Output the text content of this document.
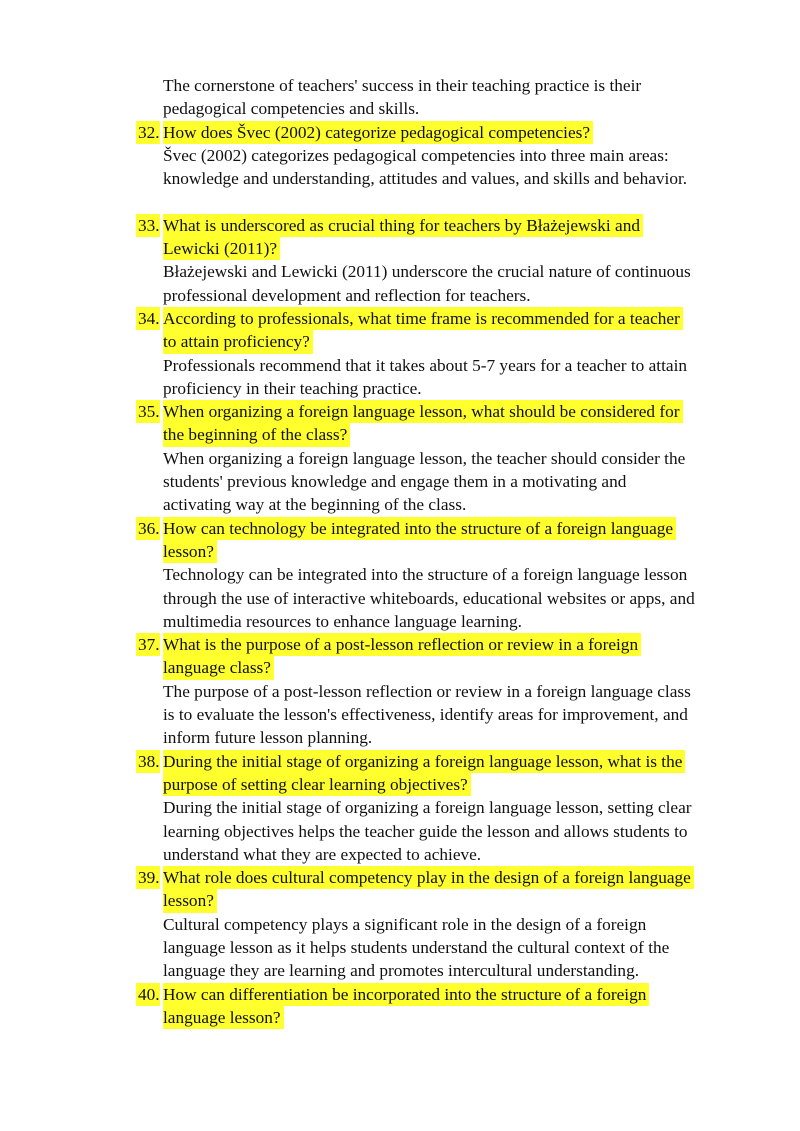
The cornerstone of teachers' success in their teaching practice is their
pedagogical competencies and skills.
32. How does Švec (2002) categorize pedagogical competencies?
Švec (2002) categorizes pedagogical competencies into three main areas:
knowledge and understanding, attitudes and values, and skills and behavior.
33. What is underscored as crucial thing for teachers by Błażejewski and
Lewicki (2011)?
Błażejewski and Lewicki (2011) underscore the crucial nature of continuous
professional development and reflection for teachers.
34. According to professionals, what time frame is recommended for a teacher
to attain proficiency?
Professionals recommend that it takes about 5-7 years for a teacher to attain
proficiency in their teaching practice.
35. When organizing a foreign language lesson, what should be considered for
the beginning of the class?
When organizing a foreign language lesson, the teacher should consider the
students' previous knowledge and engage them in a motivating and
activating way at the beginning of the class.
36. How can technology be integrated into the structure of a foreign language
lesson?
Technology can be integrated into the structure of a foreign language lesson
through the use of interactive whiteboards, educational websites or apps, and
multimedia resources to enhance language learning.
37. What is the purpose of a post-lesson reflection or review in a foreign
language class?
The purpose of a post-lesson reflection or review in a foreign language class
is to evaluate the lesson's effectiveness, identify areas for improvement, and
inform future lesson planning.
38. During the initial stage of organizing a foreign language lesson, what is the
purpose of setting clear learning objectives?
During the initial stage of organizing a foreign language lesson, setting clear
learning objectives helps the teacher guide the lesson and allows students to
understand what they are expected to achieve.
39. What role does cultural competency play in the design of a foreign language
lesson?
Cultural competency plays a significant role in the design of a foreign
language lesson as it helps students understand the cultural context of the
language they are learning and promotes intercultural understanding.
40. How can differentiation be incorporated into the structure of a foreign
language lesson?
